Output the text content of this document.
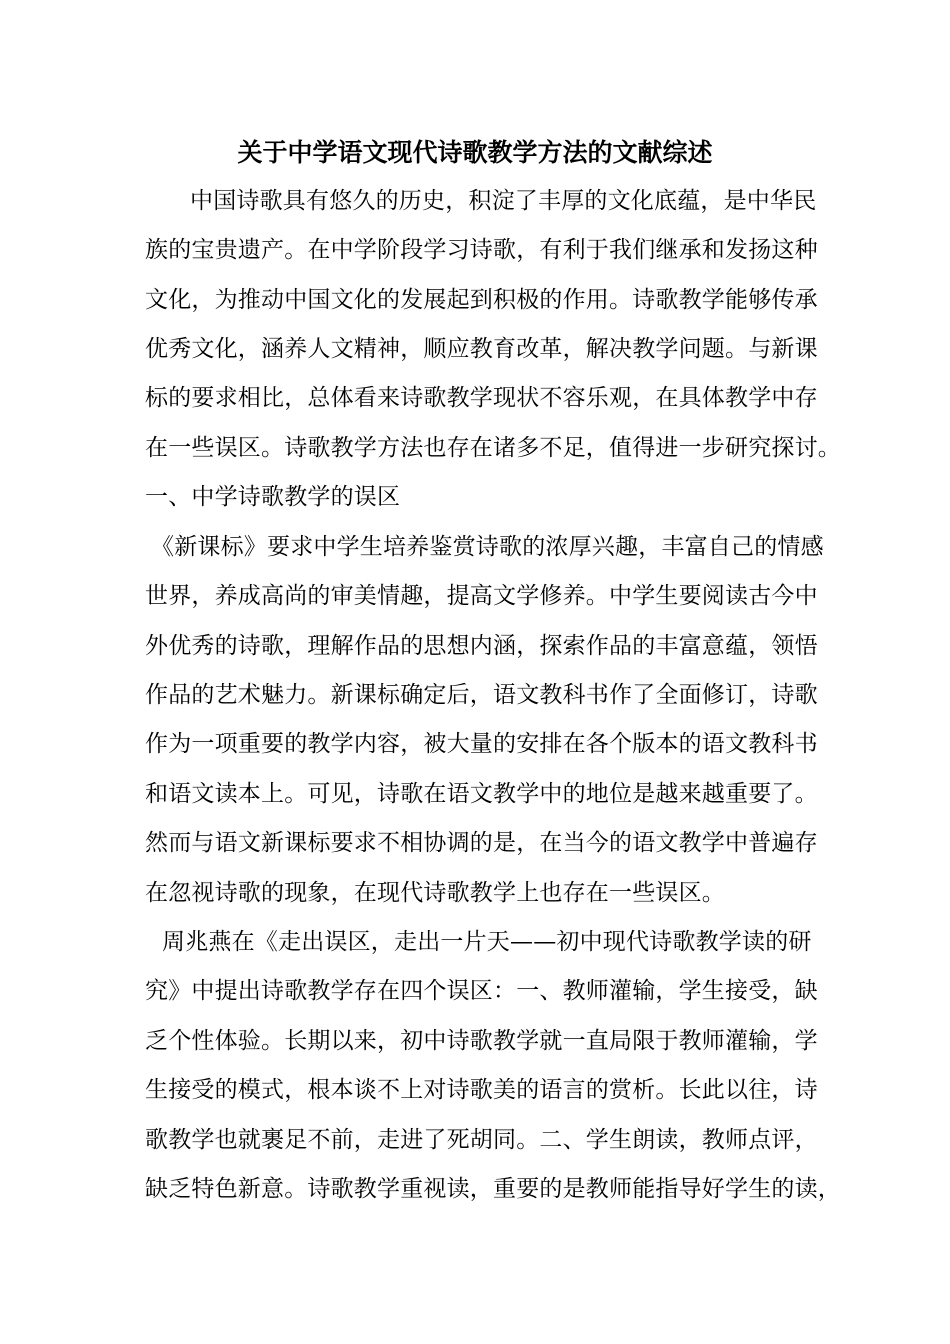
关于中学语文现代诗歌教学方法的文献综述
中国诗歌具有悠久的历史，积淀了丰厚的文化底蕴，是中华民
族的宝贵遗产。在中学阶段学习诗歌，有利于我们继承和发扬这种
文化，为推动中国文化的发展起到积极的作用。诗歌教学能够传承
优秀文化，涵养人文精神，顺应教育改革，解决教学问题。与新课
标的要求相比，总体看来诗歌教学现状不容乐观，在具体教学中存
在一些误区。诗歌教学方法也存在诸多不足，值得进一步研究探讨。
一、中学诗歌教学的误区
《新课标》要求中学生培养鉴赏诗歌的浓厚兴趣，丰富自己的情感
世界，养成高尚的审美情趣，提高文学修养。中学生要阅读古今中
外优秀的诗歌，理解作品的思想内涵，探索作品的丰富意蕴，领悟
作品的艺术魅力。新课标确定后，语文教科书作了全面修订，诗歌
作为一项重要的教学内容，被大量的安排在各个版本的语文教科书
和语文读本上。可见，诗歌在语文教学中的地位是越来越重要了。
然而与语文新课标要求不相协调的是，在当今的语文教学中普遍存
在忽视诗歌的现象，在现代诗歌教学上也存在一些误区。
周兆燕在《走出误区，走出一片天——初中现代诗歌教学读的研
究》中提出诗歌教学存在四个误区：一、教师灌输，学生接受，缺
乏个性体验。长期以来，初中诗歌教学就一直局限于教师灌输，学
生接受的模式，根本谈不上对诗歌美的语言的赏析。长此以往，诗
歌教学也就裹足不前，走进了死胡同。二、学生朗读，教师点评，
缺乏特色新意。诗歌教学重视读，重要的是教师能指导好学生的读，
